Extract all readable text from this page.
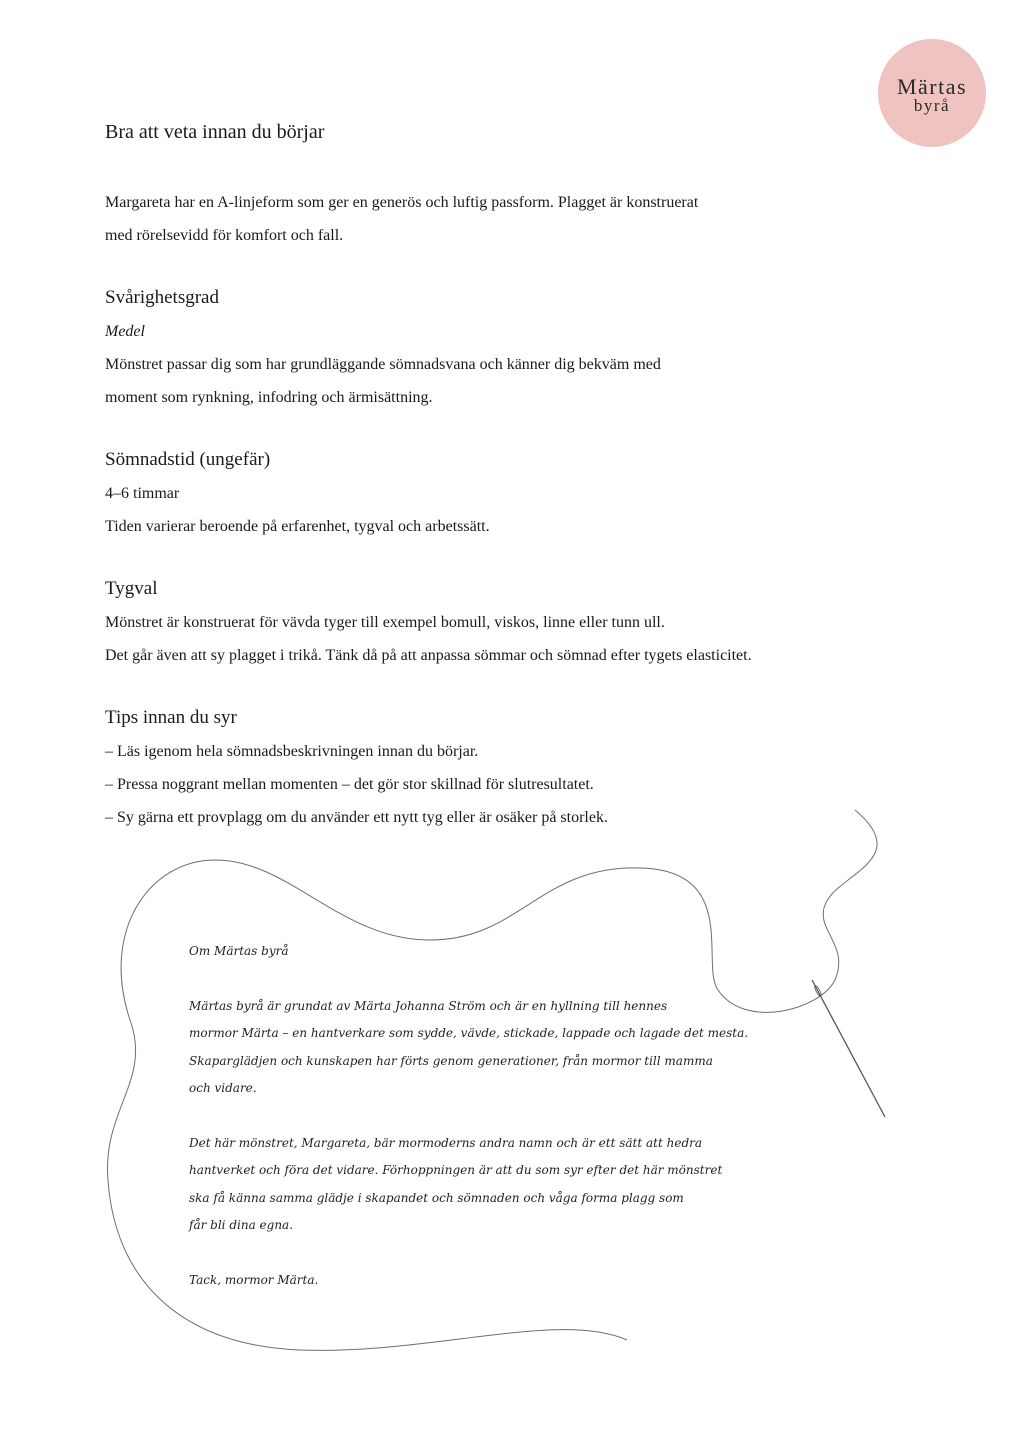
Märtas
byrå
Bra att veta innan du börjar
Margareta har en A-linjeform som ger en generös och luftig passform. Plagget är konstruerat
med rörelsevidd för komfort och fall.
Svårighetsgrad
Medel
Mönstret passar dig som har grundläggande sömnadsvana och känner dig bekväm med
moment som rynkning, infodring och ärmisättning.
Sömnadstid (ungefär)
4–6 timmar
Tiden varierar beroende på erfarenhet, tygval och arbetssätt.
Tygval
Mönstret är konstruerat för vävda tyger till exempel bomull, viskos, linne eller tunn ull.
Det går även att sy plagget i trikå. Tänk då på att anpassa sömmar och sömnad efter tygets elasticitet.
Tips innan du syr
– Läs igenom hela sömnadsbeskrivningen innan du börjar.
– Pressa noggrant mellan momenten – det gör stor skillnad för slutresultatet.
– Sy gärna ett provplagg om du använder ett nytt tyg eller är osäker på storlek.
Om Märtas byrå
Märtas byrå är grundat av Märta Johanna Ström och är en hyllning till hennes
mormor Märta – en hantverkare som sydde, vävde, stickade, lappade och lagade det mesta.
Skaparglädjen och kunskapen har förts genom generationer, från mormor till mamma
och vidare.
Det här mönstret, Margareta, bär mormoderns andra namn och är ett sätt att hedra
hantverket och föra det vidare. Förhoppningen är att du som syr efter det här mönstret
ska få känna samma glädje i skapandet och sömnaden och våga forma plagg som
får bli dina egna.
Tack, mormor Märta.
